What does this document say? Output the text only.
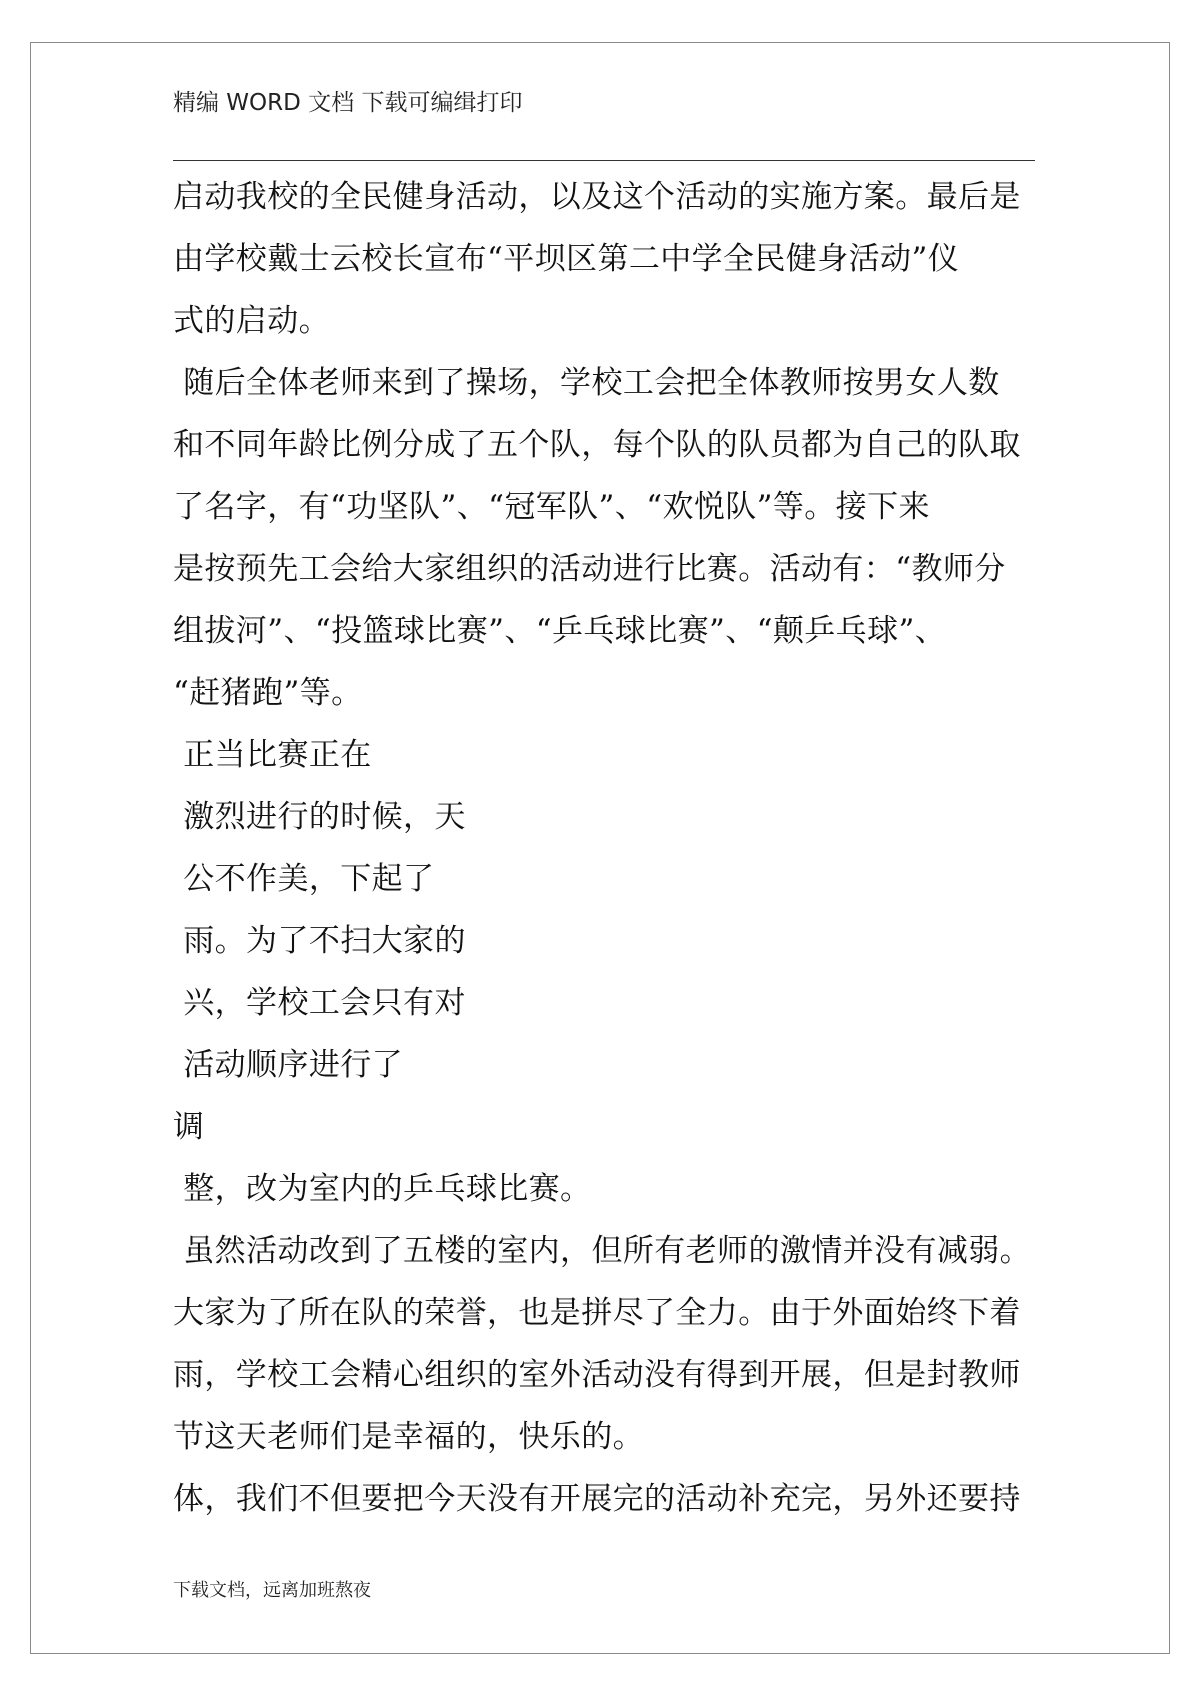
精编 WORD 文档 下载可编缉打印
启动我校的全民健身活动，以及这个活动的实施方案。最后是
由学校戴士云校长宣布“平坝区第二中学全民健身活动”仪
式的启动。
随后全体老师来到了操场，学校工会把全体教师按男女人数
和不同年龄比例分成了五个队，每个队的队员都为自己的队取
了名字，有“功坚队”、“冠军队”、“欢悦队”等。接下来
是按预先工会给大家组织的活动进行比赛。活动有：“教师分
组拔河”、“投篮球比赛”、“乒乓球比赛”、“颠乒乓球”、
“赶猪跑”等。
正当比赛正在
激烈进行的时候，天
公不作美，下起了
雨。为了不扫大家的
兴，学校工会只有对
活动顺序进行了
调
整，改为室内的乒乓球比赛。
虽然活动改到了五楼的室内，但所有老师的激情并没有减弱。
大家为了所在队的荣誉，也是拼尽了全力。由于外面始终下着
雨，学校工会精心组织的室外活动没有得到开展，但是封教师
节这天老师们是幸福的，快乐的。
体，我们不但要把今天没有开展完的活动补充完，另外还要持
下载文档，远离加班熬夜
